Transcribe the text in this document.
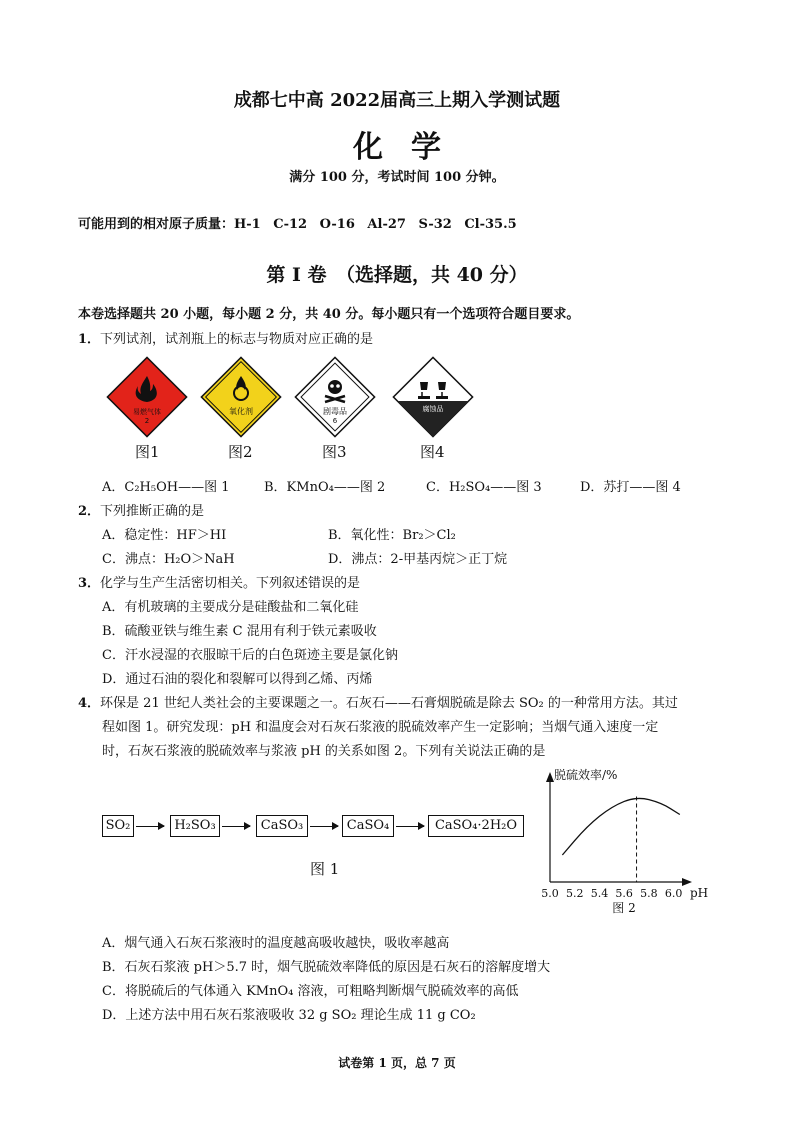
成都七中高 2022届高三上期入学测试题
化学
满分 100 分，考试时间 100 分钟。
可能用到的相对原子质量：H-1 C-12 O-16 Al-27 S-32 Cl-35.5
第 I 卷　（选择题，共 40 分）
本卷选择题共 20 小题，每小题 2 分，共 40 分。每小题只有一个选项符合题目要求。
1．下列试剂，试剂瓶上的标志与物质对应正确的是
易燃气体
2
氧化剂	剧毒品
6
腐蚀品
图1	图2	图3	图4
A．C₂H₅OH——图 1	B．KMnO₄——图 2	C．H₂SO₄——图 3	D．苏打——图 4
2．下列推断正确的是
A．稳定性：HF＞HI	B．氧化性：Br₂＞Cl₂
C．沸点：H₂O＞NaH	D．沸点：2-甲基丙烷＞正丁烷
3．化学与生产生活密切相关。下列叙述错误的是
A．有机玻璃的主要成分是硅酸盐和二氧化硅
B．硫酸亚铁与维生素 C 混用有利于铁元素吸收
C．汗水浸湿的衣服晾干后的白色斑迹主要是氯化钠
D．通过石油的裂化和裂解可以得到乙烯、丙烯
4．环保是 21 世纪人类社会的主要课题之一。石灰石——石膏烟脱硫是除去 SO₂ 的一种常用方法。其过
程如图 1。研究发现：pH 和温度会对石灰石浆液的脱硫效率产生一定影响；当烟气通入速度一定
时，石灰石浆液的脱硫效率与浆液 pH 的关系如图 2。下列有关说法正确的是
SO₂	H₂SO₃	CaSO₃	CaSO₄	CaSO₄·2H₂O
图 1
脱硫效率/%
pH
5.0 5.2 5.4 5.6 5.8 6.0
图 2
A．烟气通入石灰石浆液时的温度越高吸收越快，吸收率越高
B．石灰石浆液 pH＞5.7 时，烟气脱硫效率降低的原因是石灰石的溶解度增大
C．将脱硫后的气体通入 KMnO₄ 溶液，可粗略判断烟气脱硫效率的高低
D．上述方法中用石灰石浆液吸收 32 g SO₂ 理论生成 11 g CO₂
试卷第 1 页，总 7 页
